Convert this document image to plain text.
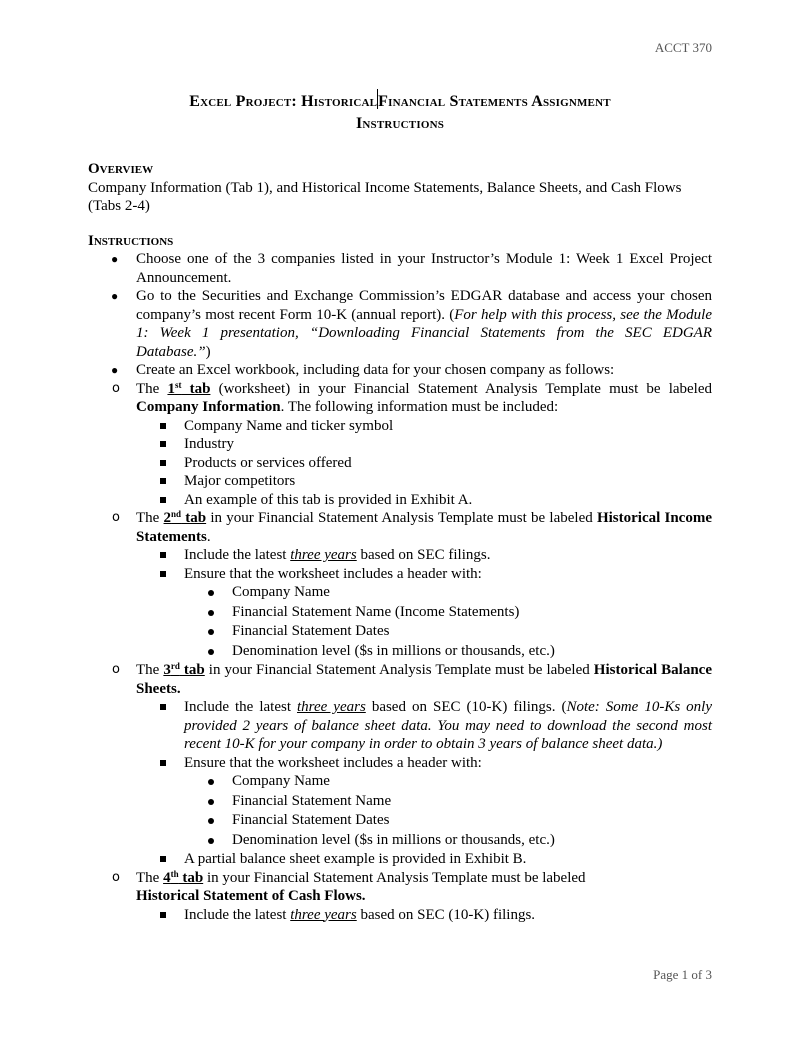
ACCT 370
Excel Project: HistoricalFinancial Statements Assignment
Instructions
Overview
Company Information (Tab 1), and Historical Income Statements, Balance Sheets, and Cash Flows (Tabs 2-4)
Instructions
● Choose one of the 3 companies listed in your Instructor’s Module 1: Week 1 Excel Project Announcement.
● Go to the Securities and Exchange Commission’s EDGAR database and access your chosen company’s most recent Form 10-K (annual report). (For help with this process, see the Module 1: Week 1 presentation, “Downloading Financial Statements from the SEC EDGAR Database.”)
● Create an Excel workbook, including data for your chosen company as follows:
o The 1st tab (worksheet) in your Financial Statement Analysis Template must be labeled Company Information. The following information must be included:
Company Name and ticker symbol
Industry
Products or services offered
Major competitors
An example of this tab is provided in Exhibit A.
o The 2nd tab in your Financial Statement Analysis Template must be labeled Historical Income Statements.
Include the latest three years based on SEC filings.
Ensure that the worksheet includes a header with:
Company Name
Financial Statement Name (Income Statements)
Financial Statement Dates
Denomination level ($s in millions or thousands, etc.)
o The 3rd tab in your Financial Statement Analysis Template must be labeled Historical Balance Sheets.
Include the latest three years based on SEC (10-K) filings. (Note: Some 10-Ks only provided 2 years of balance sheet data. You may need to download the second most recent 10-K for your company in order to obtain 3 years of balance sheet data.)
Ensure that the worksheet includes a header with:
Company Name
Financial Statement Name
Financial Statement Dates
Denomination level ($s in millions or thousands, etc.)
A partial balance sheet example is provided in Exhibit B.
o The 4th tab in your Financial Statement Analysis Template must be labeled
Historical Statement of Cash Flows.
Include the latest three years based on SEC (10-K) filings.
Page 1 of 3
